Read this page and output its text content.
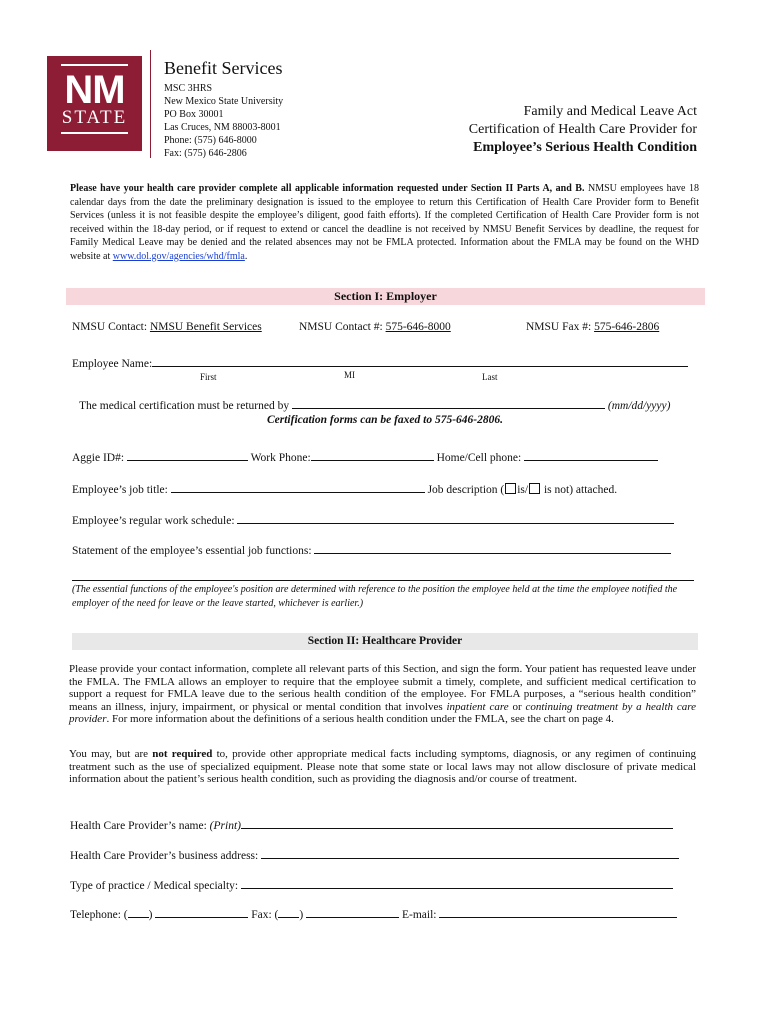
NM
STATE
Benefit Services
MSC 3HRS
New Mexico State University
PO Box 30001
Las Cruces, NM 88003-8001
Phone: (575) 646-8000
Fax: (575) 646-2806
Family and Medical Leave Act
Certification of Health Care Provider for
Employee’s Serious Health Condition
Please have your health care provider complete all applicable information requested under Section II Parts A, and B. NMSU employees have 18 calendar days from the date the preliminary designation is issued to the employee to return this Certification of Health Care Provider form to Benefit Services (unless it is not feasible despite the employee’s diligent, good faith efforts). If the completed Certification of Health Care Provider form is not received within the 18-day period, or if request to extend or cancel the deadline is not received by NMSU Benefit Services by deadline, the request for Family Medical Leave may be denied and the related absences may not be FMLA protected. Information about the FMLA may be found on the WHD website at www.dol.gov/agencies/whd/fmla.
Section I: Employer
NMSU Contact: NMSU Benefit Services	NMSU Contact #: 575-646-8000	NMSU Fax #: 575-646-2806
Employee Name:
First	MI	Last
The medical certification must be returned by	(mm/dd/yyyy)
Certification forms can be faxed to 575-646-2806.
Aggie ID#:	Work Phone:	Home/Cell phone:
Employee’s job title:	Job description ( is/ is not) attached.
Employee’s regular work schedule:
Statement of the employee’s essential job functions:
(The essential functions of the employee's position are determined with reference to the position the employee held at the time the employee notified the employer of the need for leave or the leave started, whichever is earlier.)
Section II: Healthcare Provider
Please provide your contact information, complete all relevant parts of this Section, and sign the form. Your patient has requested leave under the FMLA. The FMLA allows an employer to require that the employee submit a timely, complete, and sufficient medical certification to support a request for FMLA leave due to the serious health condition of the employee. For FMLA purposes, a “serious health condition” means an illness, injury, impairment, or physical or mental condition that involves inpatient care or continuing treatment by a health care provider. For more information about the definitions of a serious health condition under the FMLA, see the chart on page 4.
You may, but are not required to, provide other appropriate medical facts including symptoms, diagnosis, or any regimen of continuing treatment such as the use of specialized equipment. Please note that some state or local laws may not allow disclosure of private medical information about the patient’s serious health condition, such as providing the diagnosis and/or course of treatment.
Health Care Provider’s name: (Print)
Health Care Provider’s business address:
Type of practice / Medical specialty:
Telephone: ( )	Fax: ( )	E-mail:
